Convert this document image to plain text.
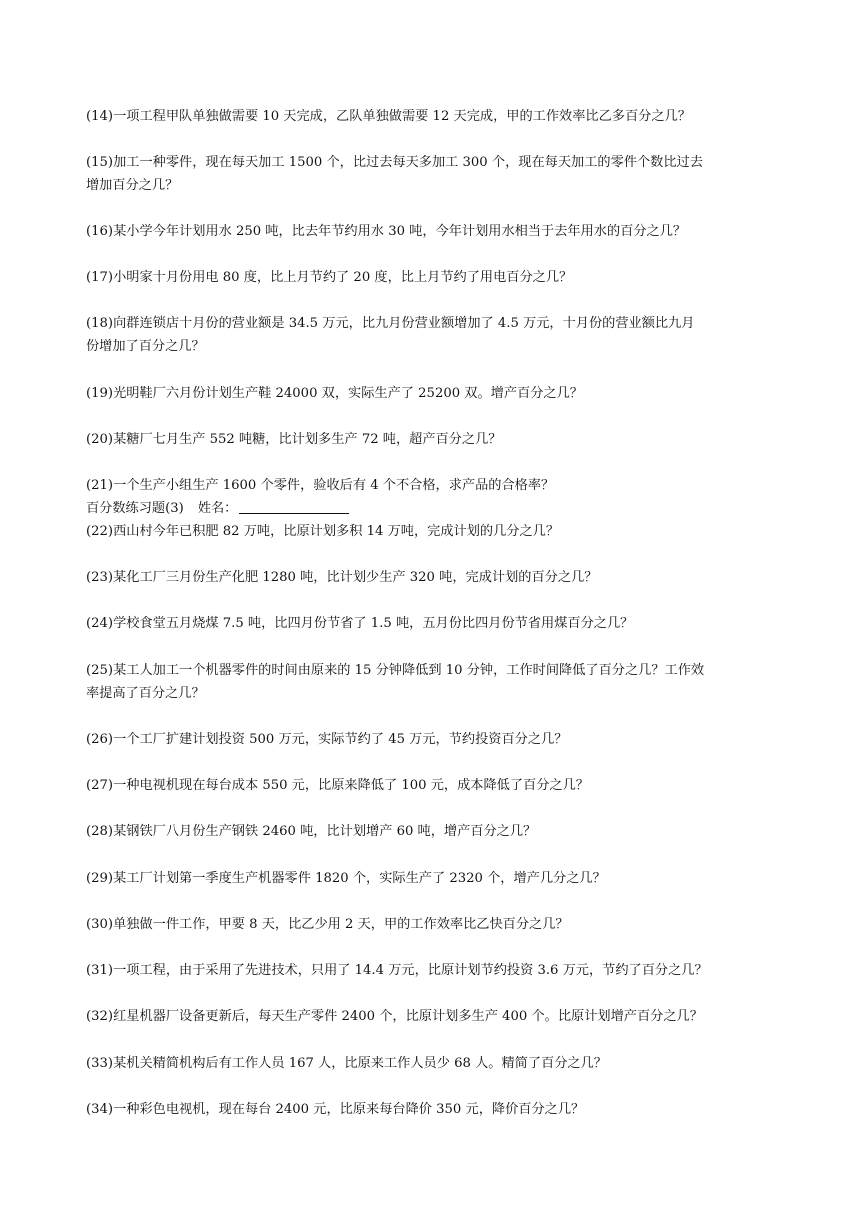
(14)一项工程甲队单独做需要 10 天完成，乙队单独做需要 12 天完成，甲的工作效率比乙多百分之几？
(15)加工一种零件，现在每天加工 1500 个，比过去每天多加工 300 个，现在每天加工的零件个数比过去
增加百分之几？
(16)某小学今年计划用水 250 吨，比去年节约用水 30 吨，今年计划用水相当于去年用水的百分之几？
(17)小明家十月份用电 80 度，比上月节约了 20 度，比上月节约了用电百分之几？
(18)向群连锁店十月份的营业额是 34.5 万元，比九月份营业额增加了 4.5 万元，十月份的营业额比九月
份增加了百分之几？
(19)光明鞋厂六月份计划生产鞋 24000 双，实际生产了 25200 双。增产百分之几？
(20)某糖厂七月生产 552 吨糖，比计划多生产 72 吨，超产百分之几？
(21)一个生产小组生产 1600 个零件，验收后有 4 个不合格，求产品的合格率？
百分数练习题(3) 姓名：
(22)西山村今年已积肥 82 万吨，比原计划多积 14 万吨，完成计划的几分之几？
(23)某化工厂三月份生产化肥 1280 吨，比计划少生产 320 吨，完成计划的百分之几？
(24)学校食堂五月烧煤 7.5 吨，比四月份节省了 1.5 吨，五月份比四月份节省用煤百分之几？
(25)某工人加工一个机器零件的时间由原来的 15 分钟降低到 10 分钟，工作时间降低了百分之几？工作效
率提高了百分之几？
(26)一个工厂扩建计划投资 500 万元，实际节约了 45 万元，节约投资百分之几？
(27)一种电视机现在每台成本 550 元，比原来降低了 100 元，成本降低了百分之几？
(28)某钢铁厂八月份生产钢铁 2460 吨，比计划增产 60 吨，增产百分之几？
(29)某工厂计划第一季度生产机器零件 1820 个，实际生产了 2320 个，增产几分之几？
(30)单独做一件工作，甲要 8 天，比乙少用 2 天，甲的工作效率比乙快百分之几？
(31)一项工程，由于采用了先进技术，只用了 14.4 万元，比原计划节约投资 3.6 万元，节约了百分之几？
(32)红星机器厂设备更新后，每天生产零件 2400 个，比原计划多生产 400 个。比原计划增产百分之几？
(33)某机关精简机构后有工作人员 167 人，比原来工作人员少 68 人。精简了百分之几？
(34)一种彩色电视机，现在每台 2400 元，比原来每台降价 350 元，降价百分之几？
